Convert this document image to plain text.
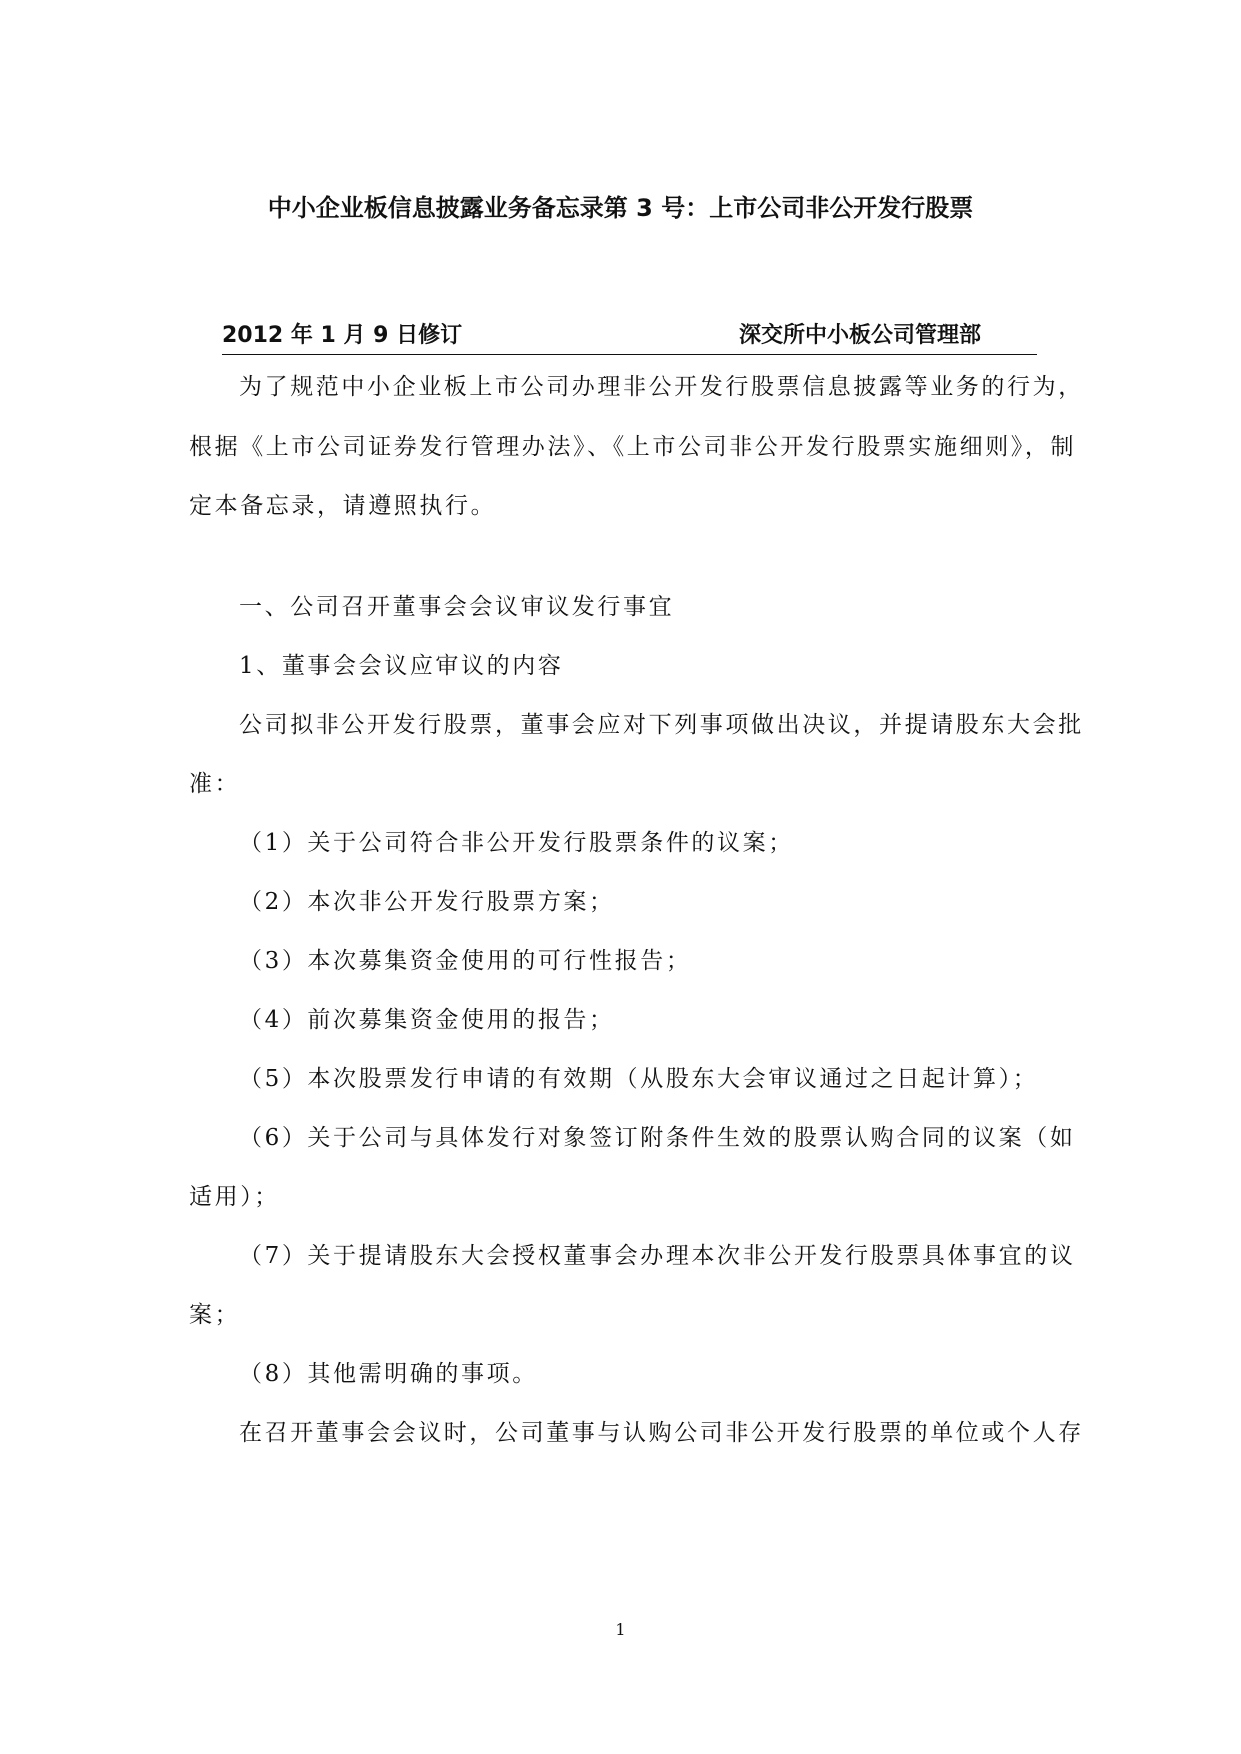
中小企业板信息披露业务备忘录第 3 号：上市公司非公开发行股票
2012 年 1 月 9 日修订	深交所中小板公司管理部

为了规范中小企业板上市公司办理非公开发行股票信息披露等业务的行为，

根据《上市公司证券发行管理办法》、《上市公司非公开发行股票实施细则》，制

定本备忘录，请遵照执行。

一、公司召开董事会会议审议发行事宜

1、董事会会议应审议的内容

公司拟非公开发行股票，董事会应对下列事项做出决议，并提请股东大会批

准：

（1）关于公司符合非公开发行股票条件的议案；

（2）本次非公开发行股票方案；

（3）本次募集资金使用的可行性报告；

（4）前次募集资金使用的报告；

（5）本次股票发行申请的有效期（从股东大会审议通过之日起计算）；

（6）关于公司与具体发行对象签订附条件生效的股票认购合同的议案（如

适用）；

（7）关于提请股东大会授权董事会办理本次非公开发行股票具体事宜的议

案；

（8）其他需明确的事项。

在召开董事会会议时，公司董事与认购公司非公开发行股票的单位或个人存

1
